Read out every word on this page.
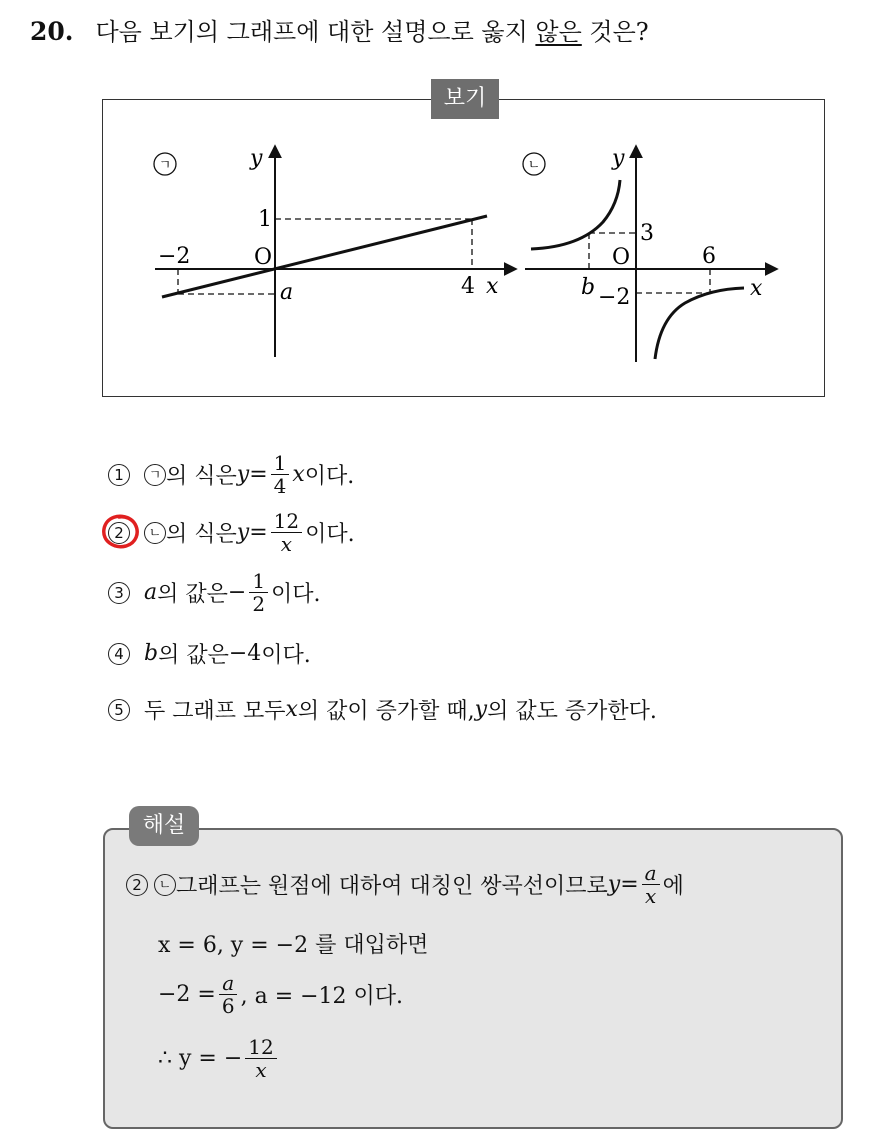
20. 다음 보기의 그래프에 대한 설명으로 옳지 않은 것은?
보기
ㄱ	y
x
O
1
−2
4
a
ㄴ	y
x
O
3
6
−2
b
1	ㄱ 의 식은 $y = \frac{1}{4}$ x 이다.
2	ㄴ 의 식은 $y = \frac{12}{x}$ 이다.
3 a 의 값은 − $\frac{1}{2}$ 이다.
4 b 의 값은 −4 이다.
5 두 그래프 모두 x 의 값이 증가할 때, y 의 값도 증가한다.
해설
2	ㄴ 그래프는 원점에 대하여 대칭인 쌍곡선이므로 $y = \frac{a}{x}$ 에
x = 6, y = −2 를 대입하면
$-2 = \frac{a}{6}$ , a = −12 이다.
∴ y = − $\frac{12}{x}$
